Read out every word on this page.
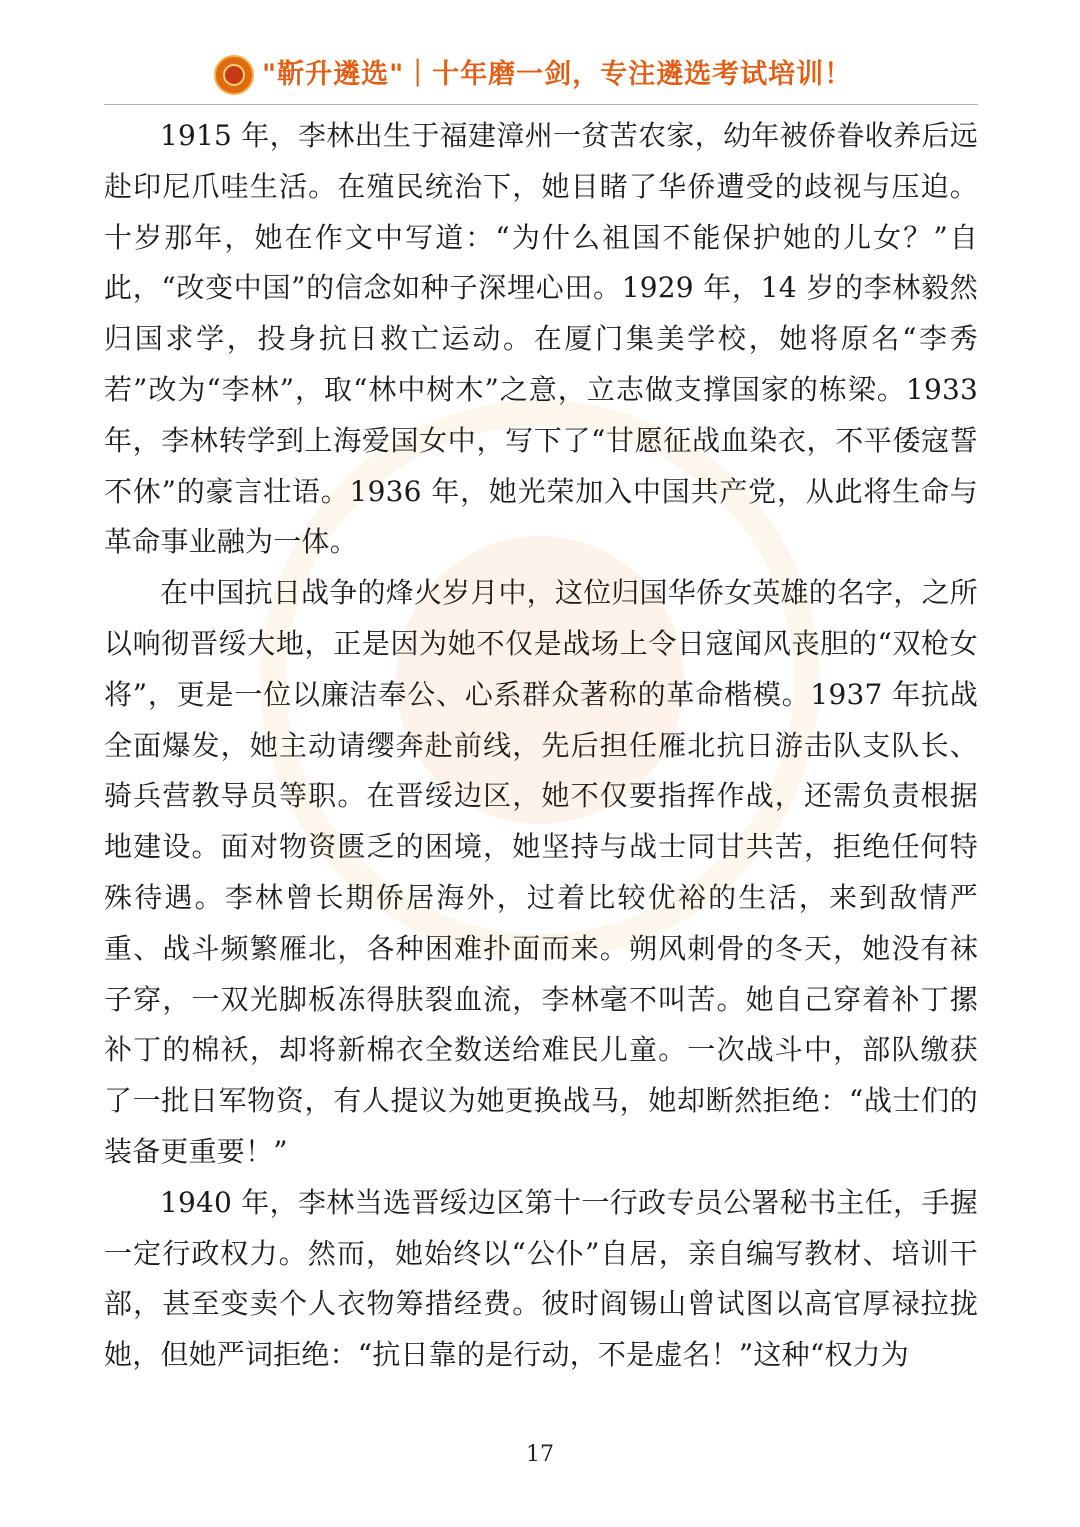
"靳升遴选"｜十年磨一剑，专注遴选考试培训！

1915 年，李林出生于福建漳州一贫苦农家，幼年被侨眷收养后远赴印尼爪哇生活。在殖民统治下，她目睹了华侨遭受的歧视与压迫。十岁那年，她在作文中写道：“为什么祖国不能保护她的儿女？”自此，“改变中国”的信念如种子深埋心田。1929 年，14 岁的李林毅然归国求学，投身抗日救亡运动。在厦门集美学校，她将原名“李秀若”改为“李林”，取“林中树木”之意，立志做支撑国家的栋梁。1933 年，李林转学到上海爱国女中，写下了“甘愿征战血染衣，不平倭寇誓不休”的豪言壮语。1936 年，她光荣加入中国共产党，从此将生命与革命事业融为一体。

在中国抗日战争的烽火岁月中，这位归国华侨女英雄的名字，之所以响彻晋绥大地，正是因为她不仅是战场上令日寇闻风丧胆的“双枪女将”，更是一位以廉洁奉公、心系群众著称的革命楷模。1937 年抗战全面爆发，她主动请缨奔赴前线，先后担任雁北抗日游击队支队长、骑兵营教导员等职。在晋绥边区，她不仅要指挥作战，还需负责根据地建设。面对物资匮乏的困境，她坚持与战士同甘共苦，拒绝任何特殊待遇。李林曾长期侨居海外，过着比较优裕的生活，来到敌情严重、战斗频繁雁北，各种困难扑面而来。朔风刺骨的冬天，她没有袜子穿，一双光脚板冻得肤裂血流，李林毫不叫苦。她自己穿着补丁摞补丁的棉袄，却将新棉衣全数送给难民儿童。一次战斗中，部队缴获了一批日军物资，有人提议为她更换战马，她却断然拒绝：“战士们的装备更重要！”

1940 年，李林当选晋绥边区第十一行政专员公署秘书主任，手握一定行政权力。然而，她始终以“公仆”自居，亲自编写教材、培训干部，甚至变卖个人衣物筹措经费。彼时阎锡山曾试图以高官厚禄拉拢她，但她严词拒绝：“抗日靠的是行动，不是虚名！”这种“权力为

17
